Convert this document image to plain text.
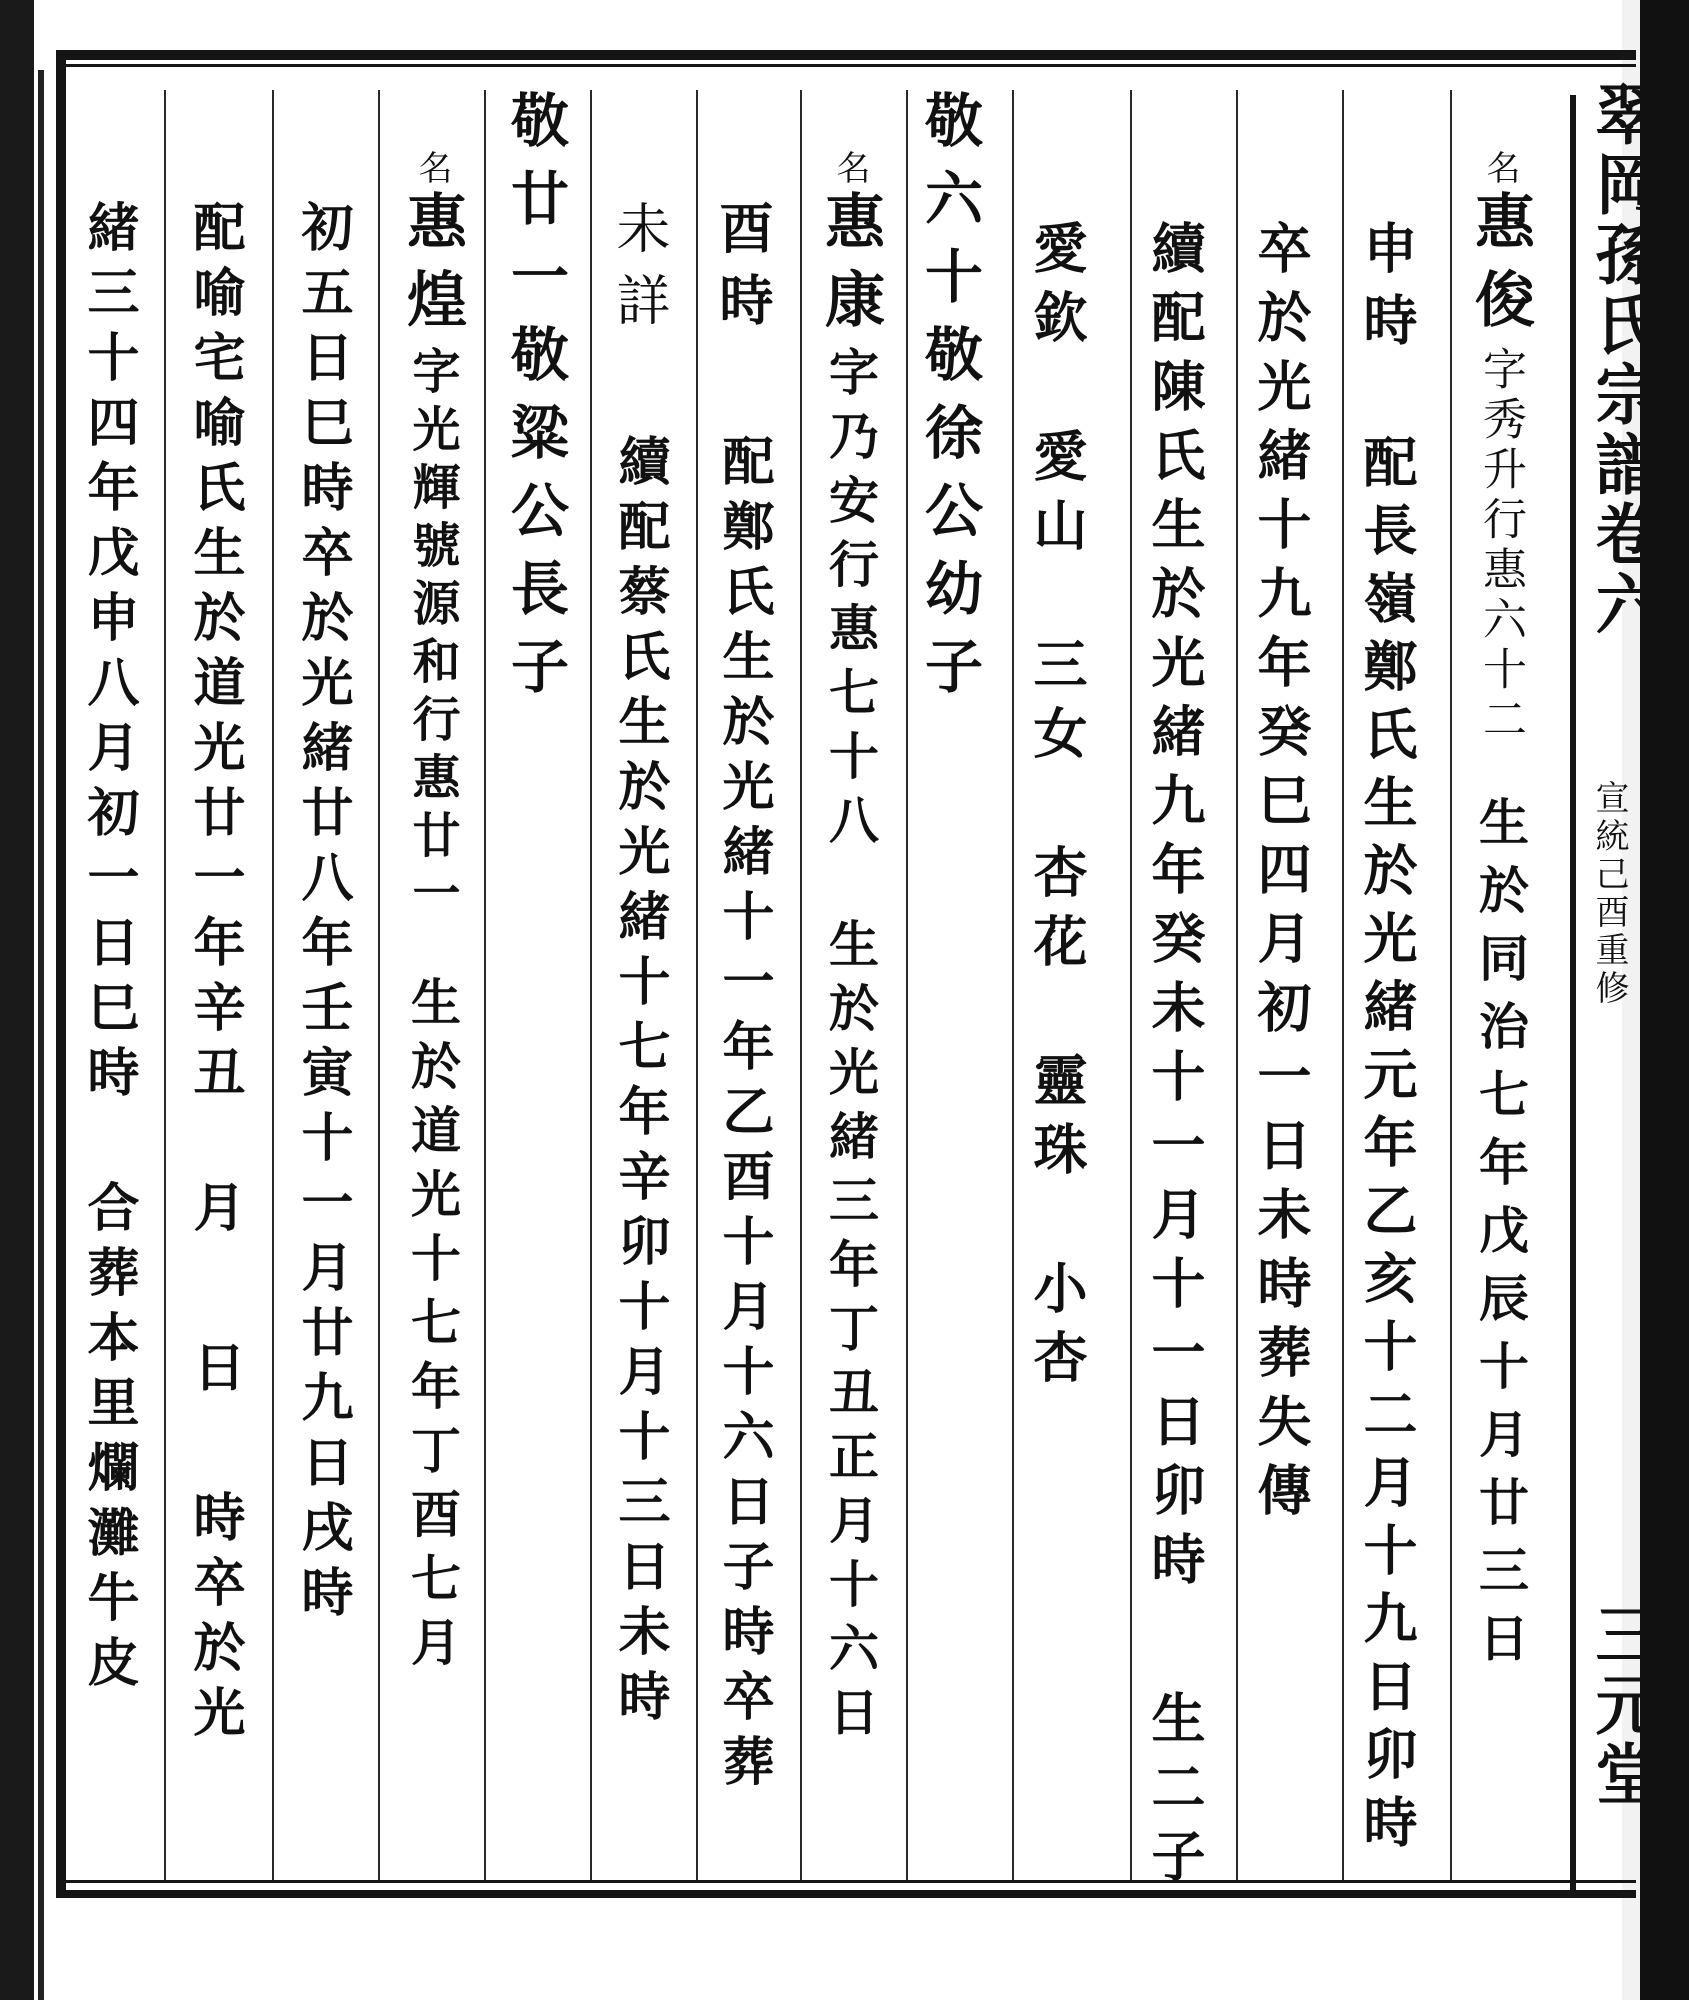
翠岡孫氏宗譜卷六
宣統己酉重修
三元堂
名惠俊字秀升行惠六十二生於同治七年戊辰十月廿三日
申時配長嶺鄭氏生於光緒元年乙亥十二月十九日卯時
卒於光緒十九年癸巳四月初一日未時葬失傳
續配陳氏生於光緒九年癸未十一月十一日卯時生二子
愛欽愛山三女杏花靈珠小杏
敬六十敬徐公幼子
名惠康字乃安行惠七十八生於光緒三年丁丑正月十六日
酉時配鄭氏生於光緒十一年乙酉十月十六日子時卒葬
未詳續配蔡氏生於光緒十七年辛卯十月十三日未時
敬廿一敬粱公長子
名惠煌字光輝號源和行惠廿一生於道光十七年丁酉七月
初五日巳時卒於光緒廿八年壬寅十一月廿九日戌時
配喻宅喻氏生於道光廿一年辛丑月日時卒於光
緒三十四年戊申八月初一日巳時合葬本里爛灘牛皮
